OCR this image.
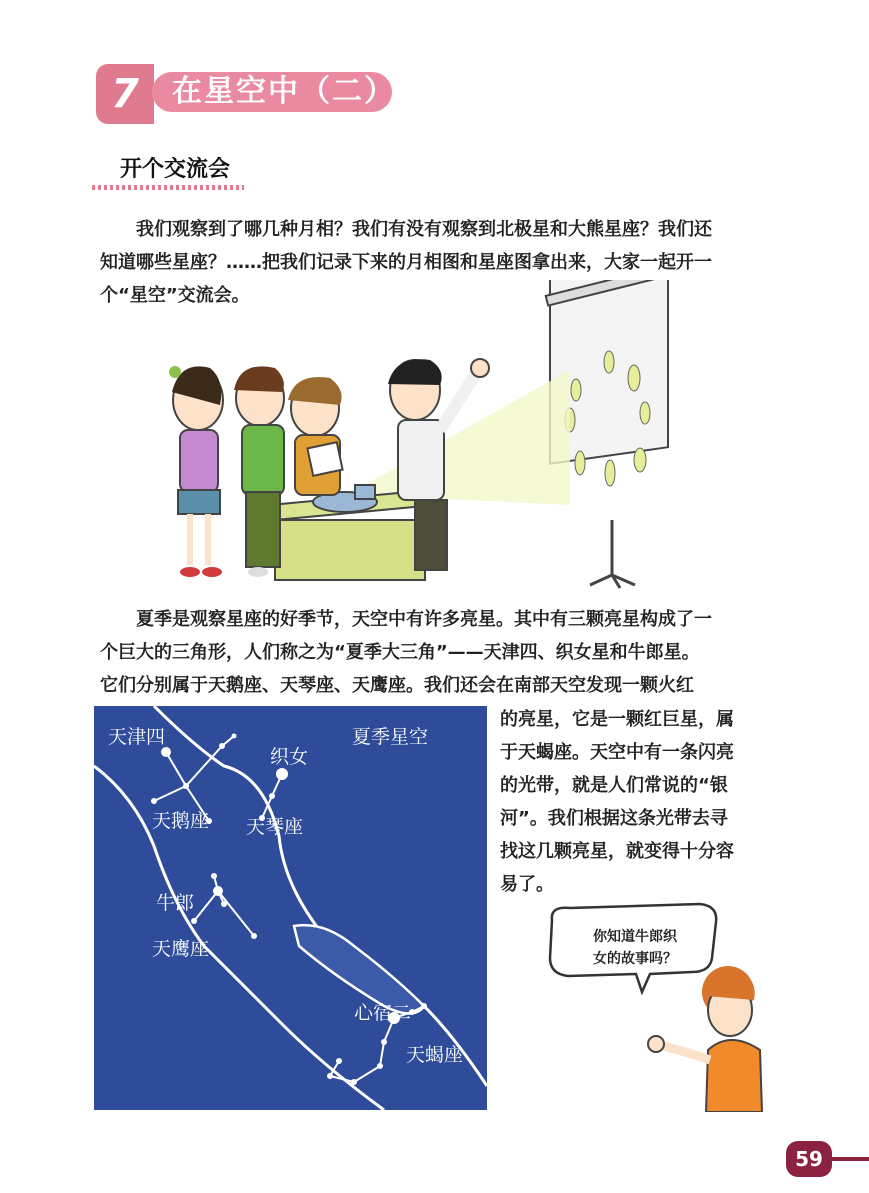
7	在星空中（二）
开个交流会
我们观察到了哪几种月相？我们有没有观察到北极星和大熊星座？我们还
知道哪些星座？……把我们记录下来的月相图和星座图拿出来，大家一起开一
个“星空”交流会。
夏季是观察星座的好季节，天空中有许多亮星。其中有三颗亮星构成了一
个巨大的三角形，人们称之为“夏季大三角”——天津四、织女星和牛郎星。
它们分别属于天鹅座、天琴座、天鹰座。我们还会在南部天空发现一颗火红
的亮星，它是一颗红巨星，属
于天蝎座。天空中有一条闪亮
的光带，就是人们常说的“银
河”。我们根据这条光带去寻
找这几颗亮星，就变得十分容
易了。
夏季星空
天津四
织女
天鹅座 天琴座
牛郎
天鹰座
心宿二
天蝎座
你知道牛郎织
女的故事吗？
59
